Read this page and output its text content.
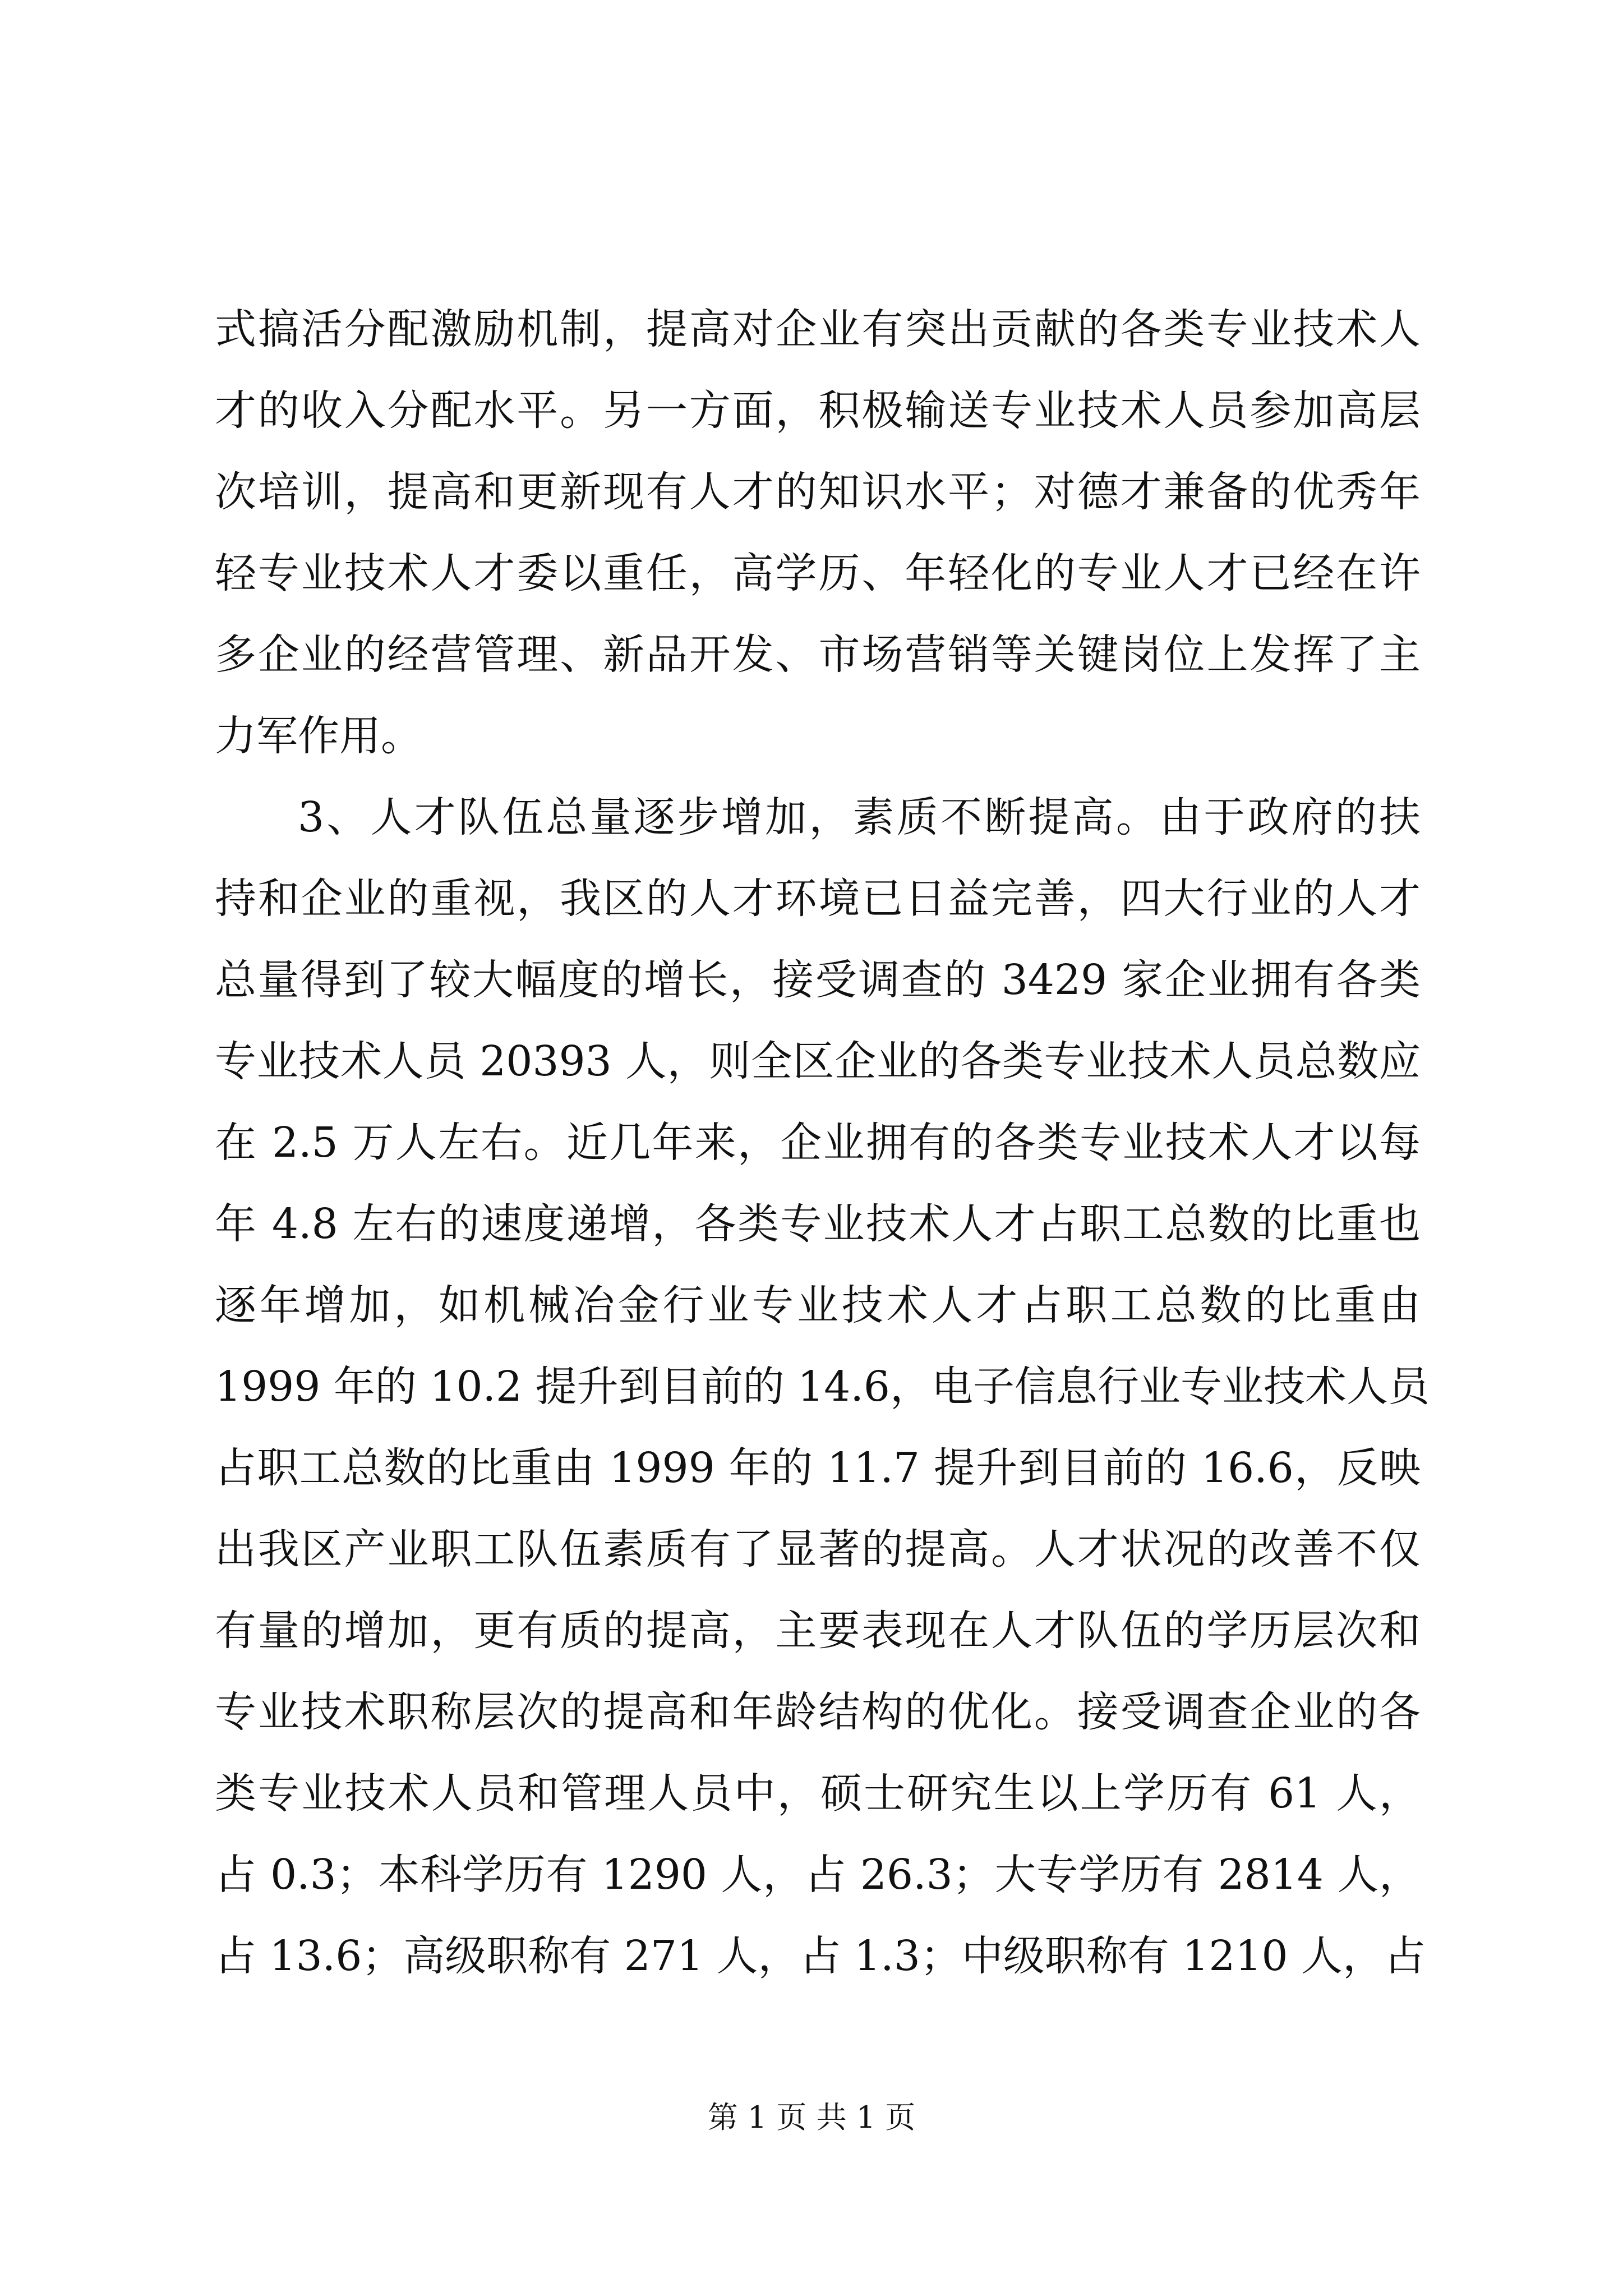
式搞活分配激励机制，提高对企业有突出贡献的各类专业技术人
才的收入分配水平。另一方面，积极输送专业技术人员参加高层
次培训，提高和更新现有人才的知识水平；对德才兼备的优秀年
轻专业技术人才委以重任，高学历、年轻化的专业人才已经在许
多企业的经营管理、新品开发、市场营销等关键岗位上发挥了主
力军作用。
3、人才队伍总量逐步增加，素质不断提高。由于政府的扶
持和企业的重视，我区的人才环境已日益完善，四大行业的人才
总量得到了较大幅度的增长，接受调查的 3429 家企业拥有各类
专业技术人员 20393 人，则全区企业的各类专业技术人员总数应
在 2.5 万人左右。近几年来，企业拥有的各类专业技术人才以每
年 4.8 左右的速度递增，各类专业技术人才占职工总数的比重也
逐年增加，如机械冶金行业专业技术人才占职工总数的比重由
1999 年的 10.2 提升到目前的 14.6，电子信息行业专业技术人员
占职工总数的比重由 1999 年的 11.7 提升到目前的 16.6，反映
出我区产业职工队伍素质有了显著的提高。人才状况的改善不仅
有量的增加，更有质的提高，主要表现在人才队伍的学历层次和
专业技术职称层次的提高和年龄结构的优化。接受调查企业的各
类专业技术人员和管理人员中，硕士研究生以上学历有 61 人，
占 0.3；本科学历有 1290 人，占 26.3；大专学历有 2814 人，
占 13.6；高级职称有 271 人，占 1.3；中级职称有 1210 人，占
第 1 页 共 1 页
